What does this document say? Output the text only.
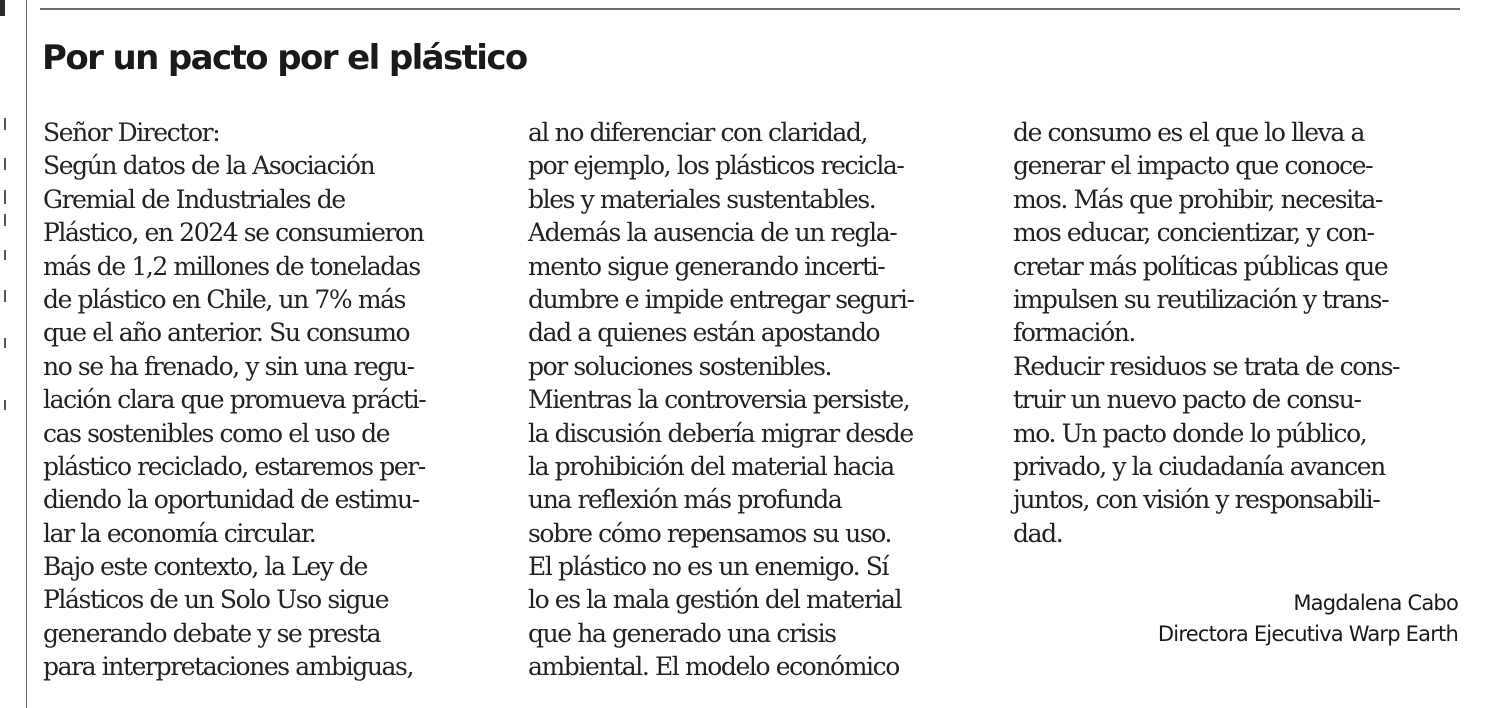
Por un pacto por el plástico
Señor Director:
Según datos de la Asociación
Gremial de Industriales de
Plástico, en 2024 se consumieron
más de 1,2 millones de toneladas
de plástico en Chile, un 7% más
que el año anterior. Su consumo
no se ha frenado, y sin una regu-
lación clara que promueva prácti-
cas sostenibles como el uso de
plástico reciclado, estaremos per-
diendo la oportunidad de estimu-
lar la economía circular.
Bajo este contexto, la Ley de
Plásticos de un Solo Uso sigue
generando debate y se presta
para interpretaciones ambiguas,
al no diferenciar con claridad,
por ejemplo, los plásticos recicla-
bles y materiales sustentables.
Además la ausencia de un regla-
mento sigue generando incerti-
dumbre e impide entregar seguri-
dad a quienes están apostando
por soluciones sostenibles.
Mientras la controversia persiste,
la discusión debería migrar desde
la prohibición del material hacia
una reflexión más profunda
sobre cómo repensamos su uso.
El plástico no es un enemigo. Sí
lo es la mala gestión del material
que ha generado una crisis
ambiental. El modelo económico
de consumo es el que lo lleva a
generar el impacto que conoce-
mos. Más que prohibir, necesita-
mos educar, concientizar, y con-
cretar más políticas públicas que
impulsen su reutilización y trans-
formación.
Reducir residuos se trata de cons-
truir un nuevo pacto de consu-
mo. Un pacto donde lo público,
privado, y la ciudadanía avancen
juntos, con visión y responsabili-
dad.
Magdalena Cabo
Directora Ejecutiva Warp Earth
